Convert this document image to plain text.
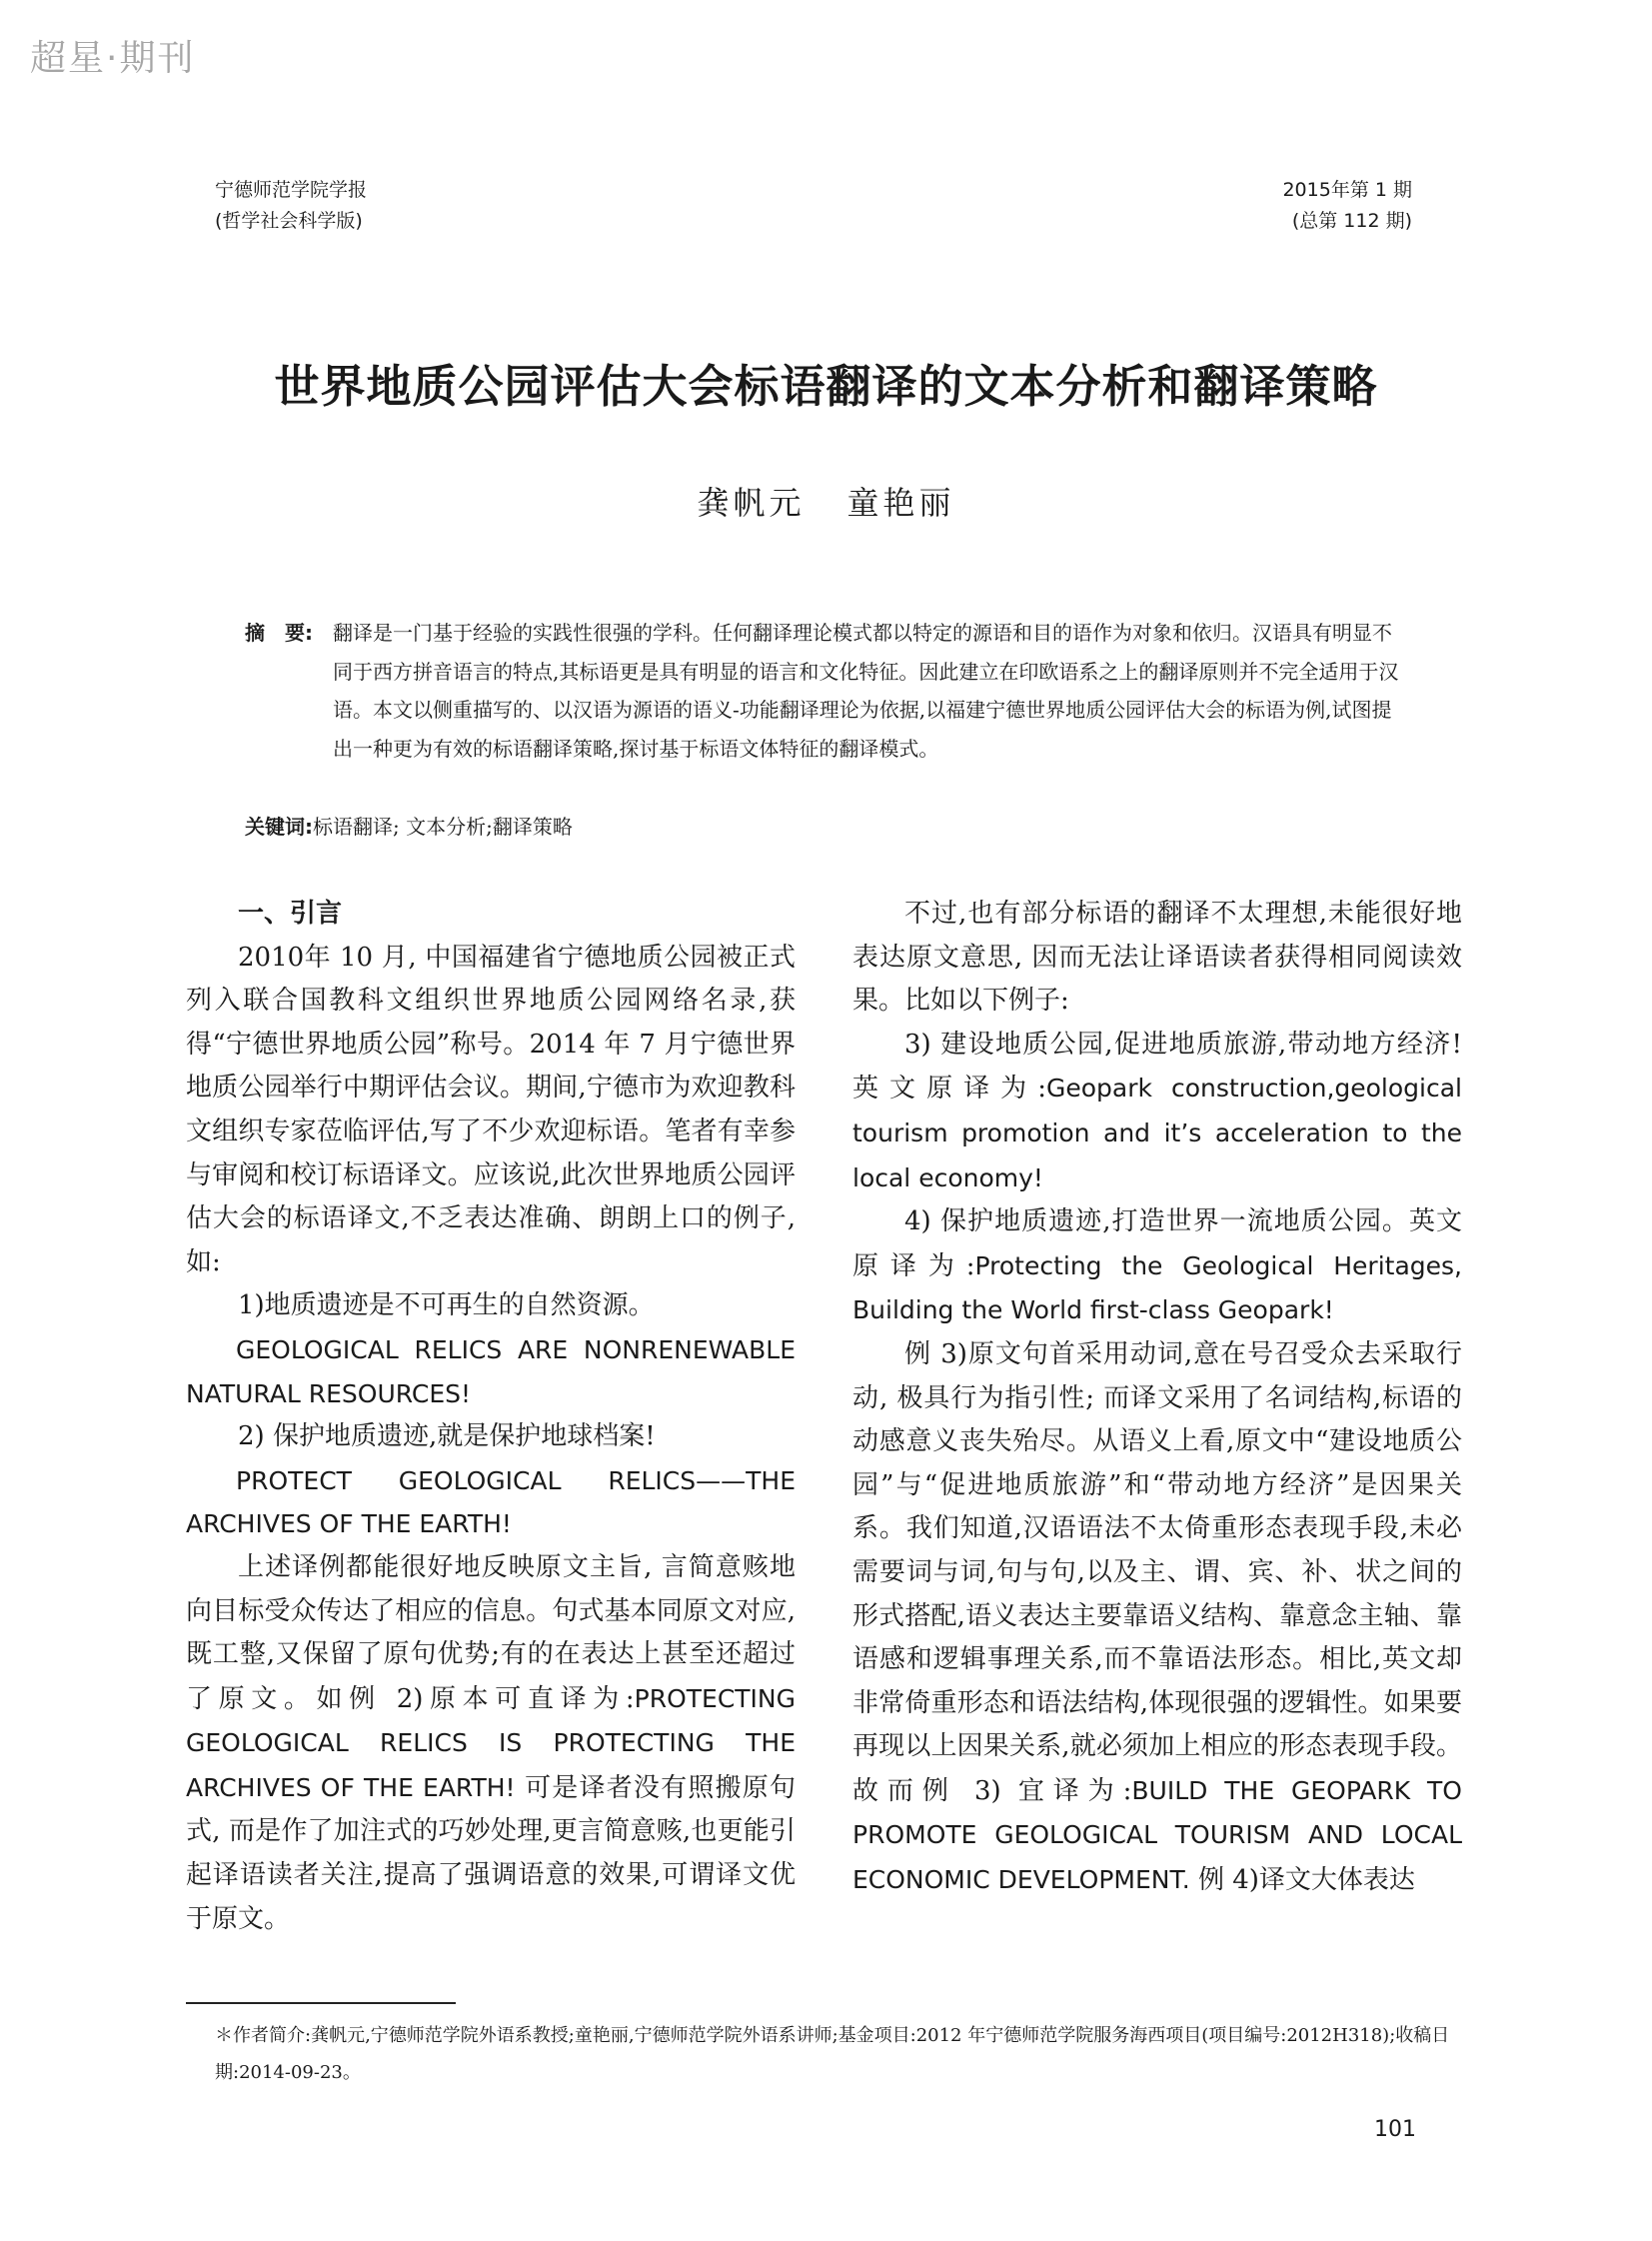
超星·期刊
宁德师范学院学报
(哲学社会科学版)
2015年第 1 期
(总第 112 期)
世界地质公园评估大会标语翻译的文本分析和翻译策略
龚帆元 童艳丽
摘　要:	翻译是一门基于经验的实践性很强的学科。任何翻译理论模式都以特定的源语和目的语作为对象和依归。汉语具有明显不同于西方拼音语言的特点,其标语更是具有明显的语言和文化特征。因此建立在印欧语系之上的翻译原则并不完全适用于汉语。本文以侧重描写的、以汉语为源语的语义-功能翻译理论为依据,以福建宁德世界地质公园评估大会的标语为例,试图提出一种更为有效的标语翻译策略,探讨基于标语文体特征的翻译模式。
关键词:标语翻译; 文本分析;翻译策略
一、引言

2010年 10 月, 中国福建省宁德地质公园被正式列入联合国教科文组织世界地质公园网络名录,获得“宁德世界地质公园”称号。2014 年 7 月宁德世界地质公园举行中期评估会议。期间,宁德市为欢迎教科文组织专家莅临评估,写了不少欢迎标语。笔者有幸参与审阅和校订标语译文。应该说,此次世界地质公园评估大会的标语译文,不乏表达准确、朗朗上口的例子,如:

1)地质遗迹是不可再生的自然资源。

GEOLOGICAL RELICS ARE NONRENEWABLE NATURAL RESOURCES!

2) 保护地质遗迹,就是保护地球档案!

PROTECT GEOLOGICAL RELICS——THE ARCHIVES OF THE EARTH!

上述译例都能很好地反映原文主旨, 言简意赅地向目标受众传达了相应的信息。句式基本同原文对应,既工整,又保留了原句优势;有的在表达上甚至还超过了原文。如例 2)原本可直译为:PROTECTING GEOLOGICAL RELICS IS PROTECTING THE ARCHIVES OF THE EARTH! 可是译者没有照搬原句式, 而是作了加注式的巧妙处理,更言简意赅,也更能引起译语读者关注,提高了强调语意的效果,可谓译文优于原文。

不过,也有部分标语的翻译不太理想,未能很好地表达原文意思, 因而无法让译语读者获得相同阅读效果。比如以下例子:

3) 建设地质公园,促进地质旅游,带动地方经济! 英文原译为:Geopark construction,geological tourism promotion and it’s acceleration to the local economy!

4) 保护地质遗迹,打造世界一流地质公园。英文原译为:Protecting the Geological Heritages, Building the World first-class Geopark!

例 3)原文句首采用动词,意在号召受众去采取行动, 极具行为指引性; 而译文采用了名词结构,标语的动感意义丧失殆尽。从语义上看,原文中“建设地质公园”与“促进地质旅游”和“带动地方经济”是因果关系。我们知道,汉语语法不太倚重形态表现手段,未必需要词与词,句与句,以及主、谓、宾、补、状之间的形式搭配,语义表达主要靠语义结构、靠意念主轴、靠语感和逻辑事理关系,而不靠语法形态。相比,英文却非常倚重形态和语法结构,体现很强的逻辑性。如果要再现以上因果关系,就必须加上相应的形态表现手段。故而例 3) 宜译为:BUILD THE GEOPARK TO PROMOTE GEOLOGICAL TOURISM AND LOCAL ECONOMIC DEVELOPMENT. 例 4)译文大体表达

＊作者简介:龚帆元,宁德师范学院外语系教授;童艳丽,宁德师范学院外语系讲师;基金项目:2012 年宁德师范学院服务海西项目(项目编号:2012H318);收稿日期:2014-09-23。
101
